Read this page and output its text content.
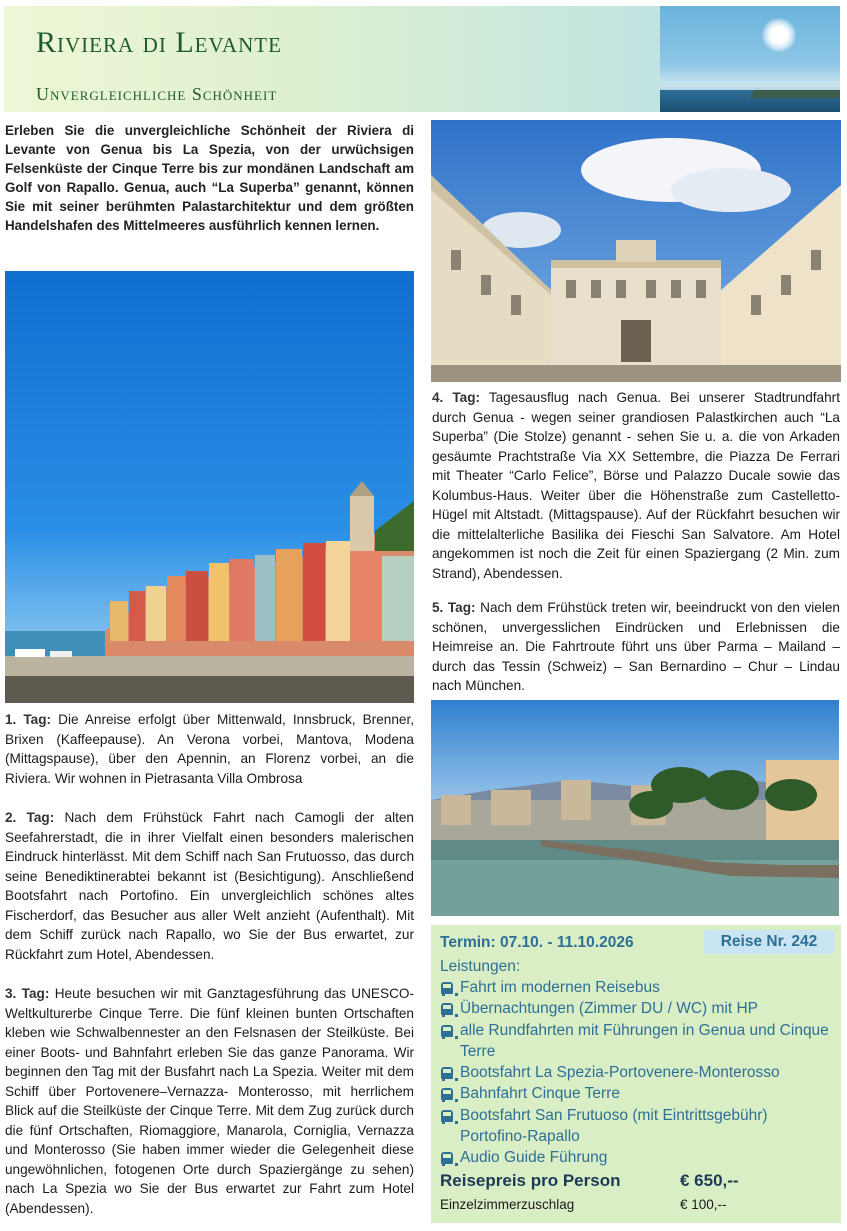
Riviera di Levante
Unvergleichliche Schönheit

Erleben Sie die unvergleichliche Schönheit der Riviera di Levante von Genua bis La Spezia, von der urwüchsigen Felsenküste der Cinque Terre bis zur mondänen Landschaft am Golf von Rapallo. Genua, auch “La Superba” genannt, können Sie mit seiner berühmten Palastarchitektur und dem größten Handelshafen des Mittelmeeres ausführlich kennen lernen.

1. Tag: Die Anreise erfolgt über Mittenwald, Innsbruck, Brenner, Brixen (Kaffeepause). An Verona vorbei, Mantova, Modena (Mittagspause), über den Apennin, an Florenz vorbei, an die Riviera. Wir wohnen in Pietrasanta Villa Ombrosa

2. Tag: Nach dem Frühstück Fahrt nach Camogli der alten Seefahrerstadt, die in ihrer Vielfalt einen besonders malerischen Eindruck hinterlässt. Mit dem Schiff nach San Frutuosso, das durch seine Benediktinerabtei bekannt ist (Besichtigung). Anschließend Bootsfahrt nach Portofino. Ein unvergleichlich schönes altes Fischerdorf, das Besucher aus aller Welt anzieht (Aufenthalt). Mit dem Schiff zurück nach Rapallo, wo Sie der Bus erwartet, zur Rückfahrt zum Hotel, Abendessen.

3. Tag: Heute besuchen wir mit Ganztagesführung das UNESCO-Weltkulturerbe Cinque Terre. Die fünf kleinen bunten Ortschaften kleben wie Schwalbennester an den Felsnasen der Steilküste. Bei einer Boots- und Bahnfahrt erleben Sie das ganze Panorama. Wir beginnen den Tag mit der Busfahrt nach La Spezia. Weiter mit dem Schiff über Portovenere–Vernazza- Monterosso, mit herrlichem Blick auf die Steilküste der Cinque Terre. Mit dem Zug zurück durch die fünf Ortschaften, Riomaggiore, Manarola, Corniglia, Vernazza und Monterosso (Sie haben immer wieder die Gelegenheit diese ungewöhnlichen, fotogenen Orte durch Spaziergänge zu sehen) nach La Spezia wo Sie der Bus erwartet zur Fahrt zum Hotel (Abendessen).

4. Tag: Tagesausflug nach Genua. Bei unserer Stadtrundfahrt durch Genua - wegen seiner grandiosen Palastkirchen auch “La Superba” (Die Stolze) genannt - sehen Sie u. a. die von Arkaden gesäumte Prachtstraße Via XX Settembre, die Piazza De Ferrari mit Theater “Carlo Felice”, Börse und Palazzo Ducale sowie das Kolumbus-Haus. Weiter über die Höhenstraße zum Castelletto-Hügel mit Altstadt. (Mittagspause). Auf der Rückfahrt besuchen wir die mittelalterliche Basilika dei Fieschi San Salvatore. Am Hotel angekommen ist noch die Zeit für einen Spaziergang (2 Min. zum Strand), Abendessen.

5. Tag: Nach dem Frühstück treten wir, beeindruckt von den vielen schönen, unvergesslichen Eindrücken und Erlebnissen die Heimreise an. Die Fahrtroute führt uns über Parma – Mailand – durch das Tessin (Schweiz) – San Bernardino – Chur – Lindau nach München.

Termin: 07.10. - 11.10.2026	Reise Nr. 242
Leistungen:
Fahrt im modernen Reisebus
Übernachtungen (Zimmer DU / WC) mit HP
alle Rundfahrten mit Führungen in Genua und Cinque Terre
Bootsfahrt La Spezia-Portovenere-Monterosso
Bahnfahrt Cinque Terre
Bootsfahrt San Frutuoso (mit Eintrittsgebühr) Portofino-Rapallo
Audio Guide Führung
Reisepreis pro Person	€ 650,--
Einzelzimmerzuschlag	€ 100,--
